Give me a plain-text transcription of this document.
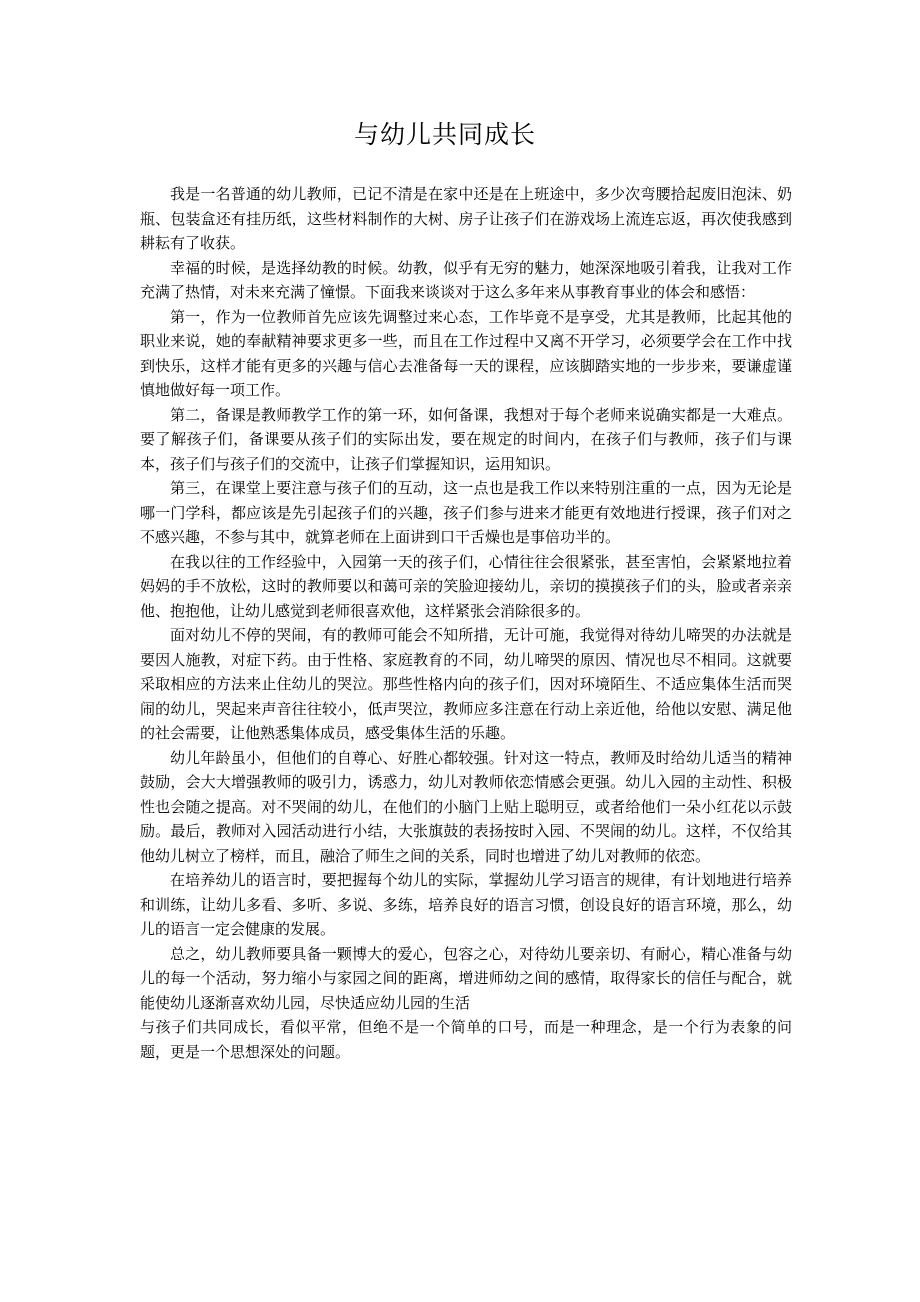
与幼儿共同成长

我是一名普通的幼儿教师，已记不清是在家中还是在上班途中，多少次弯腰拾起废旧泡沫、奶瓶、包装盒还有挂历纸，这些材料制作的大树、房子让孩子们在游戏场上流连忘返，再次使我感到耕耘有了收获。

幸福的时候，是选择幼教的时候。幼教，似乎有无穷的魅力，她深深地吸引着我，让我对工作充满了热情，对未来充满了憧憬。下面我来谈谈对于这么多年来从事教育事业的体会和感悟：

第一，作为一位教师首先应该先调整过来心态，工作毕竟不是享受，尤其是教师，比起其他的职业来说，她的奉献精神要求更多一些，而且在工作过程中又离不开学习，必须要学会在工作中找到快乐，这样才能有更多的兴趣与信心去准备每一天的课程，应该脚踏实地的一步步来，要谦虚谨慎地做好每一项工作。

第二，备课是教师教学工作的第一环，如何备课，我想对于每个老师来说确实都是一大难点。要了解孩子们，备课要从孩子们的实际出发，要在规定的时间内，在孩子们与教师，孩子们与课本，孩子们与孩子们的交流中，让孩子们掌握知识，运用知识。

第三，在课堂上要注意与孩子们的互动，这一点也是我工作以来特别注重的一点，因为无论是哪一门学科，都应该是先引起孩子们的兴趣，孩子们参与进来才能更有效地进行授课，孩子们对之不感兴趣，不参与其中，就算老师在上面讲到口干舌燥也是事倍功半的。

在我以往的工作经验中，入园第一天的孩子们，心情往往会很紧张，甚至害怕，会紧紧地拉着妈妈的手不放松，这时的教师要以和蔼可亲的笑脸迎接幼儿，亲切的摸摸孩子们的头，脸或者亲亲他、抱抱他，让幼儿感觉到老师很喜欢他，这样紧张会消除很多的。

面对幼儿不停的哭闹，有的教师可能会不知所措，无计可施，我觉得对待幼儿啼哭的办法就是要因人施教，对症下药。由于性格、家庭教育的不同，幼儿啼哭的原因、情况也尽不相同。这就要采取相应的方法来止住幼儿的哭泣。那些性格内向的孩子们，因对环境陌生、不适应集体生活而哭闹的幼儿，哭起来声音往往较小，低声哭泣，教师应多注意在行动上亲近他，给他以安慰、满足他的社会需要，让他熟悉集体成员，感受集体生活的乐趣。

幼儿年龄虽小，但他们的自尊心、好胜心都较强。针对这一特点，教师及时给幼儿适当的精神鼓励，会大大增强教师的吸引力，诱惑力，幼儿对教师依恋情感会更强。幼儿入园的主动性、积极性也会随之提高。对不哭闹的幼儿，在他们的小脑门上贴上聪明豆，或者给他们一朵小红花以示鼓励。最后，教师对入园活动进行小结，大张旗鼓的表扬按时入园、不哭闹的幼儿。这样，不仅给其他幼儿树立了榜样，而且，融洽了师生之间的关系，同时也增进了幼儿对教师的依恋。

在培养幼儿的语言时，要把握每个幼儿的实际，掌握幼儿学习语言的规律，有计划地进行培养和训练，让幼儿多看、多听、多说、多练，培养良好的语言习惯，创设良好的语言环境，那么，幼儿的语言一定会健康的发展。

总之，幼儿教师要具备一颗博大的爱心，包容之心，对待幼儿要亲切、有耐心，精心准备与幼儿的每一个活动，努力缩小与家园之间的距离，增进师幼之间的感情，取得家长的信任与配合，就能使幼儿逐渐喜欢幼儿园，尽快适应幼儿园的生活

与孩子们共同成长，看似平常，但绝不是一个简单的口号，而是一种理念，是一个行为表象的问题，更是一个思想深处的问题。
